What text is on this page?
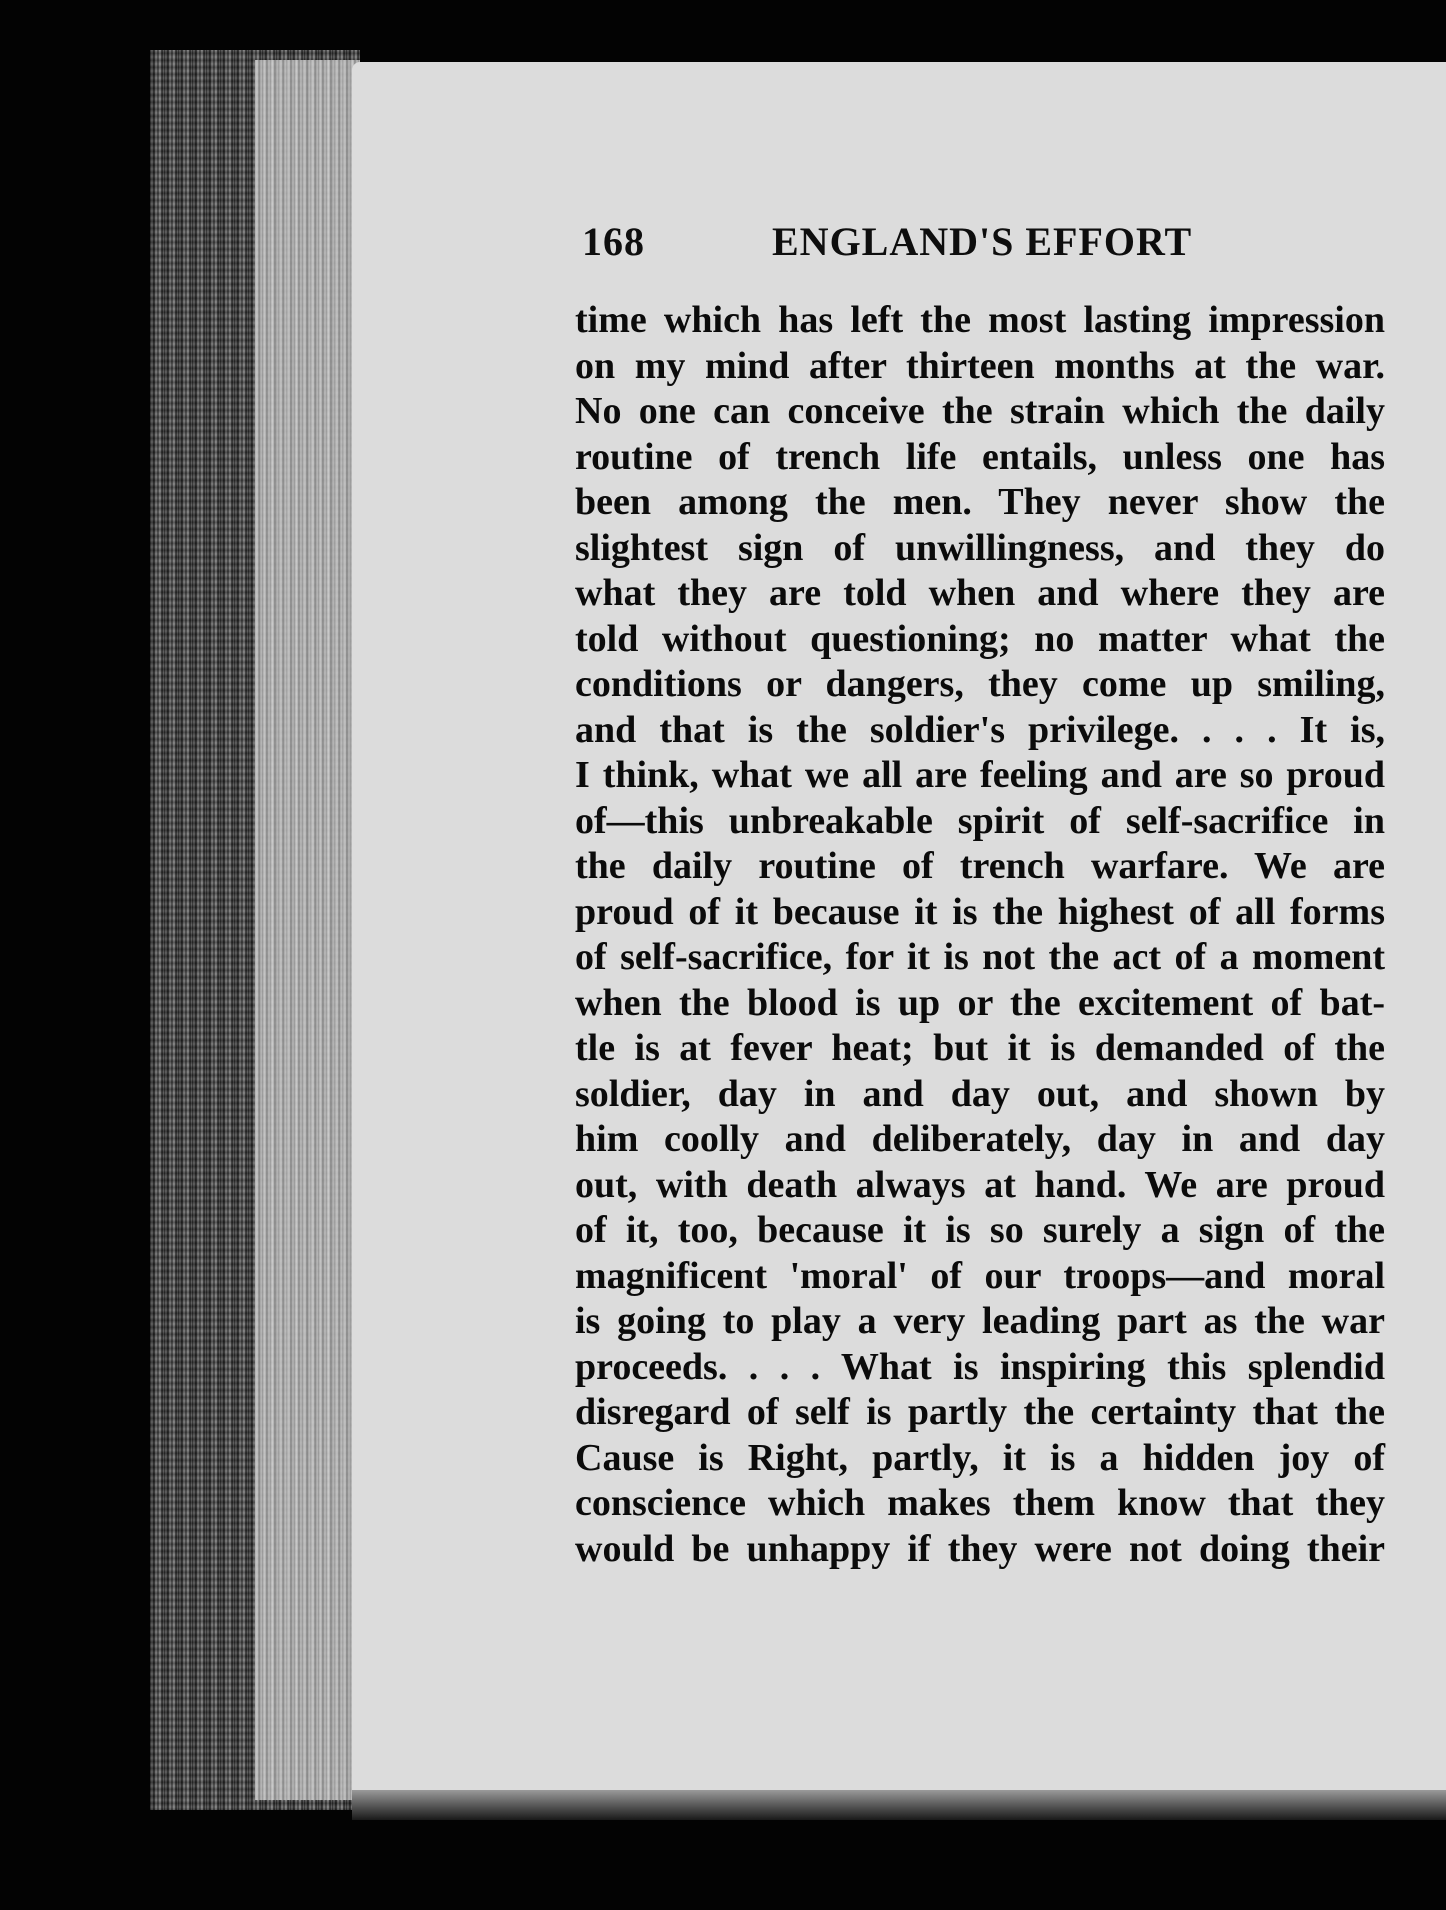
168	ENGLAND'S EFFORT
time which has left the most lasting impression
on my mind after thirteen months at the war.
No one can conceive the strain which the daily
routine of trench life entails, unless one has
been among the men. They never show the
slightest sign of unwillingness, and they do
what they are told when and where they are
told without questioning; no matter what the
conditions or dangers, they come up smiling,
and that is the soldier's privilege. . . . It is,
I think, what we all are feeling and are so proud
of—this unbreakable spirit of self-sacrifice in
the daily routine of trench warfare. We are
proud of it because it is the highest of all forms
of self-sacrifice, for it is not the act of a moment
when the blood is up or the excitement of bat-
tle is at fever heat; but it is demanded of the
soldier, day in and day out, and shown by
him coolly and deliberately, day in and day
out, with death always at hand. We are proud
of it, too, because it is so surely a sign of the
magnificent 'moral' of our troops—and moral
is going to play a very leading part as the war
proceeds. . . . What is inspiring this splendid
disregard of self is partly the certainty that the
Cause is Right, partly, it is a hidden joy of
conscience which makes them know that they
would be unhappy if they were not doing their
